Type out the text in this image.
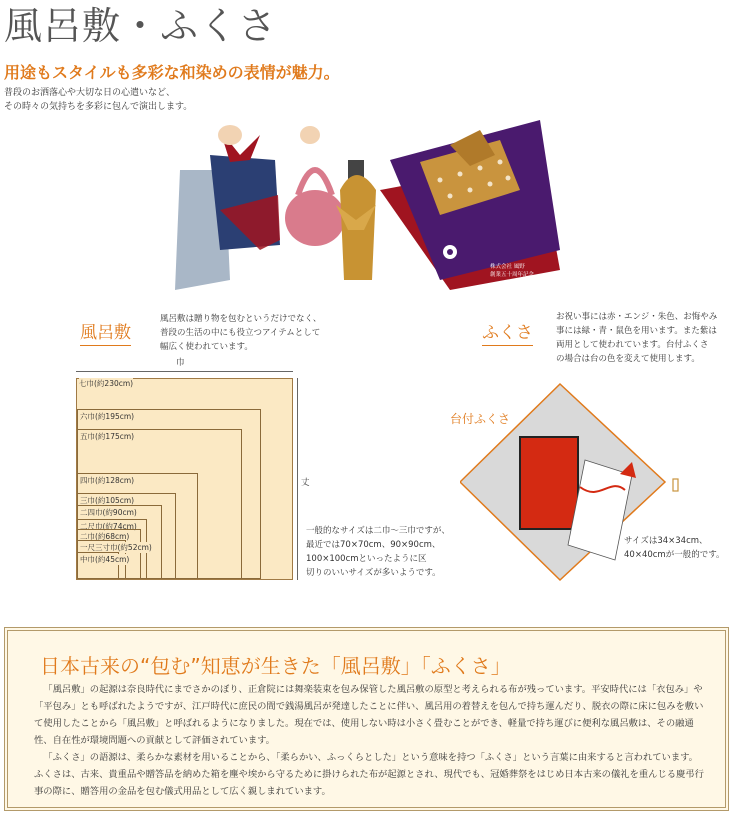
風呂敷・ふくさ
用途もスタイルも多彩な和染めの表情が魅力。
普段のお洒落心や大切な日の心遣いなど、
その時々の気持ちを多彩に包んで演出します。
株式会社 風野
創業五十周年記念
風呂敷
風呂敷は贈り物を包むというだけでなく、
普段の生活の中にも役立つアイテムとして
幅広く使われています。
巾
丈
七巾(約230cm)
六巾(約195cm)
五巾(約175cm)
四巾(約128cm)
三巾(約105cm)
二四巾(約90cm)
二尺巾(約74cm)
二巾(約68cm)
一尺三寸巾(約52cm)
中巾(約45cm)
一般的なサイズは二巾～三巾ですが、
最近では70×70cm、90×90cm、
100×100cmといったように区
切りのいいサイズが多いようです。
ふくさ
お祝い事には赤・エンジ・朱色、お悔やみ
事には緑・青・鼠色を用います。また紫は
両用として使われています。台付ふくさ
の場合は台の色を変えて使用します。
台付ふくさ
サイズは34×34cm、
40×40cmが一般的です。
日本古来の“包む”知恵が生きた「風呂敷」「ふくさ」

「風呂敷」の起源は奈良時代にまでさかのぼり、正倉院には舞楽装束を包み保管した風呂敷の原型と考えられる布が残っています。平安時代には「衣包み」や「平包み」とも呼ばれたようですが、江戸時代に庶民の間で銭湯風呂が発達したことに伴い、風呂用の着替えを包んで持ち運んだり、脱衣の際に床に包みを敷いて使用したことから「風呂敷」と呼ばれるようになりました。現在では、使用しない時は小さく畳むことができ、軽量で持ち運びに便利な風呂敷は、その融通性、自在性が環境問題への貢献として評価されています。

「ふくさ」の語源は、柔らかな素材を用いることから、「柔らかい、ふっくらとした」という意味を持つ「ふくさ」という言葉に由来すると言われています。ふくさは、古来、貴重品や贈答品を納めた箱を塵や埃から守るために掛けられた布が起源とされ、現代でも、冠婚葬祭をはじめ日本古来の儀礼を重んじる慶弔行事の際に、贈答用の金品を包む儀式用品として広く親しまれています。
